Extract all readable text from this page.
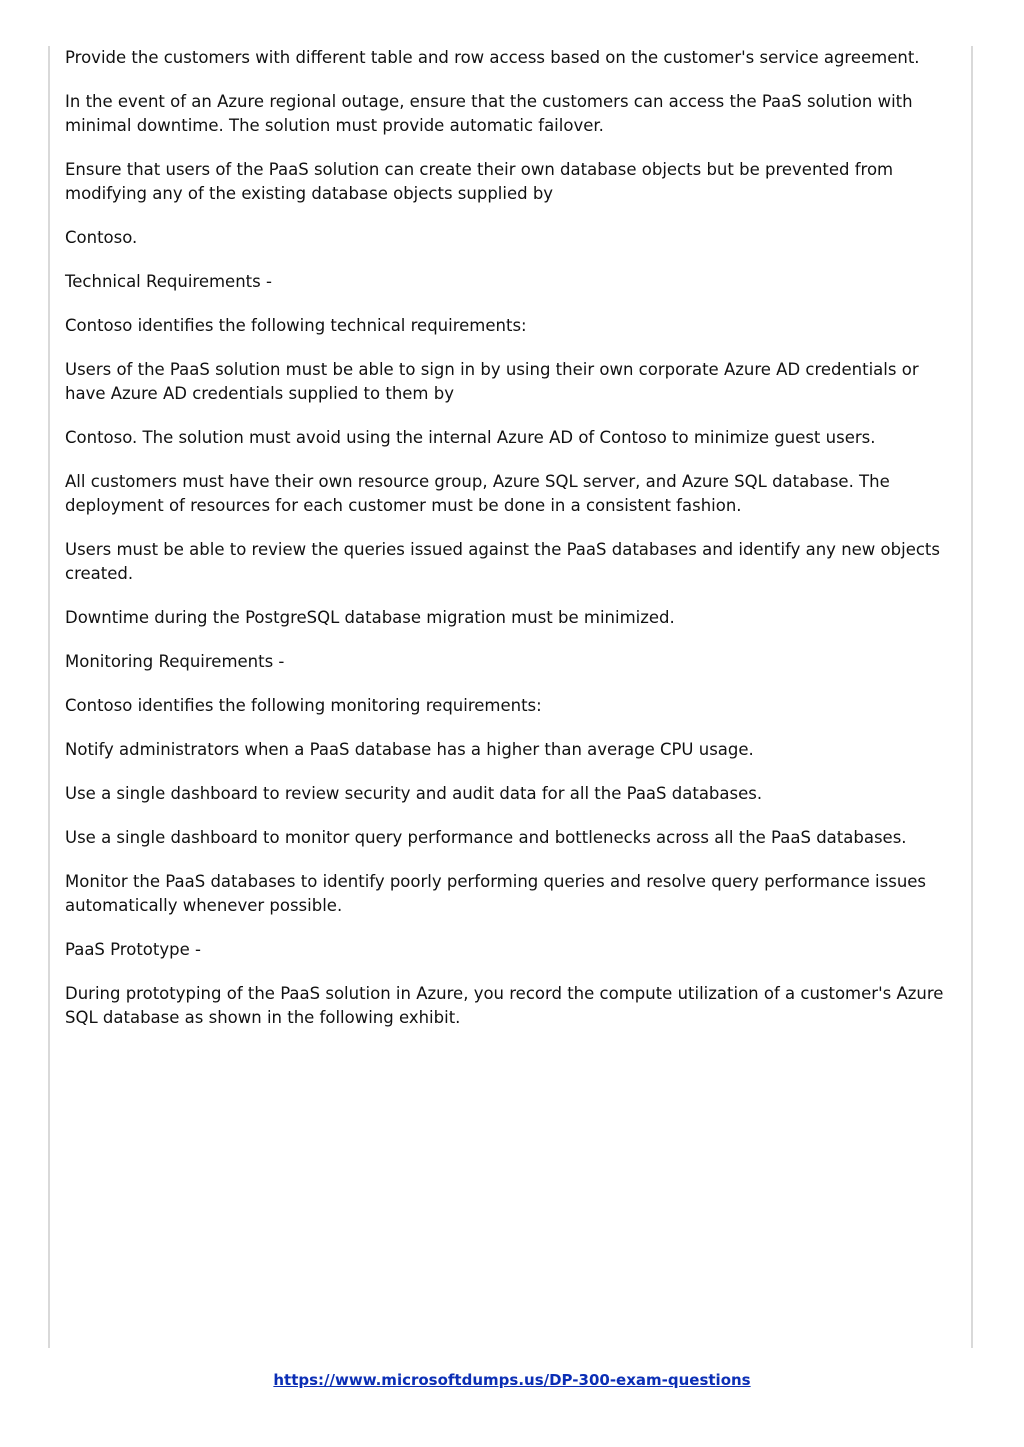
Provide the customers with different table and row access based on the customer's service agreement.

In the event of an Azure regional outage, ensure that the customers can access the PaaS solution with minimal downtime. The solution must provide automatic failover.

Ensure that users of the PaaS solution can create their own database objects but be prevented from modifying any of the existing database objects supplied by

Contoso.

Technical Requirements -

Contoso identifies the following technical requirements:

Users of the PaaS solution must be able to sign in by using their own corporate Azure AD credentials or have Azure AD credentials supplied to them by

Contoso. The solution must avoid using the internal Azure AD of Contoso to minimize guest users.

All customers must have their own resource group, Azure SQL server, and Azure SQL database. The deployment of resources for each customer must be done in a consistent fashion.

Users must be able to review the queries issued against the PaaS databases and identify any new objects created.

Downtime during the PostgreSQL database migration must be minimized.

Monitoring Requirements -

Contoso identifies the following monitoring requirements:

Notify administrators when a PaaS database has a higher than average CPU usage.

Use a single dashboard to review security and audit data for all the PaaS databases.

Use a single dashboard to monitor query performance and bottlenecks across all the PaaS databases.

Monitor the PaaS databases to identify poorly performing queries and resolve query performance issues automatically whenever possible.

PaaS Prototype -

During prototyping of the PaaS solution in Azure, you record the compute utilization of a customer's Azure SQL database as shown in the following exhibit.

https://www.microsoftdumps.us/DP-300-exam-questions
